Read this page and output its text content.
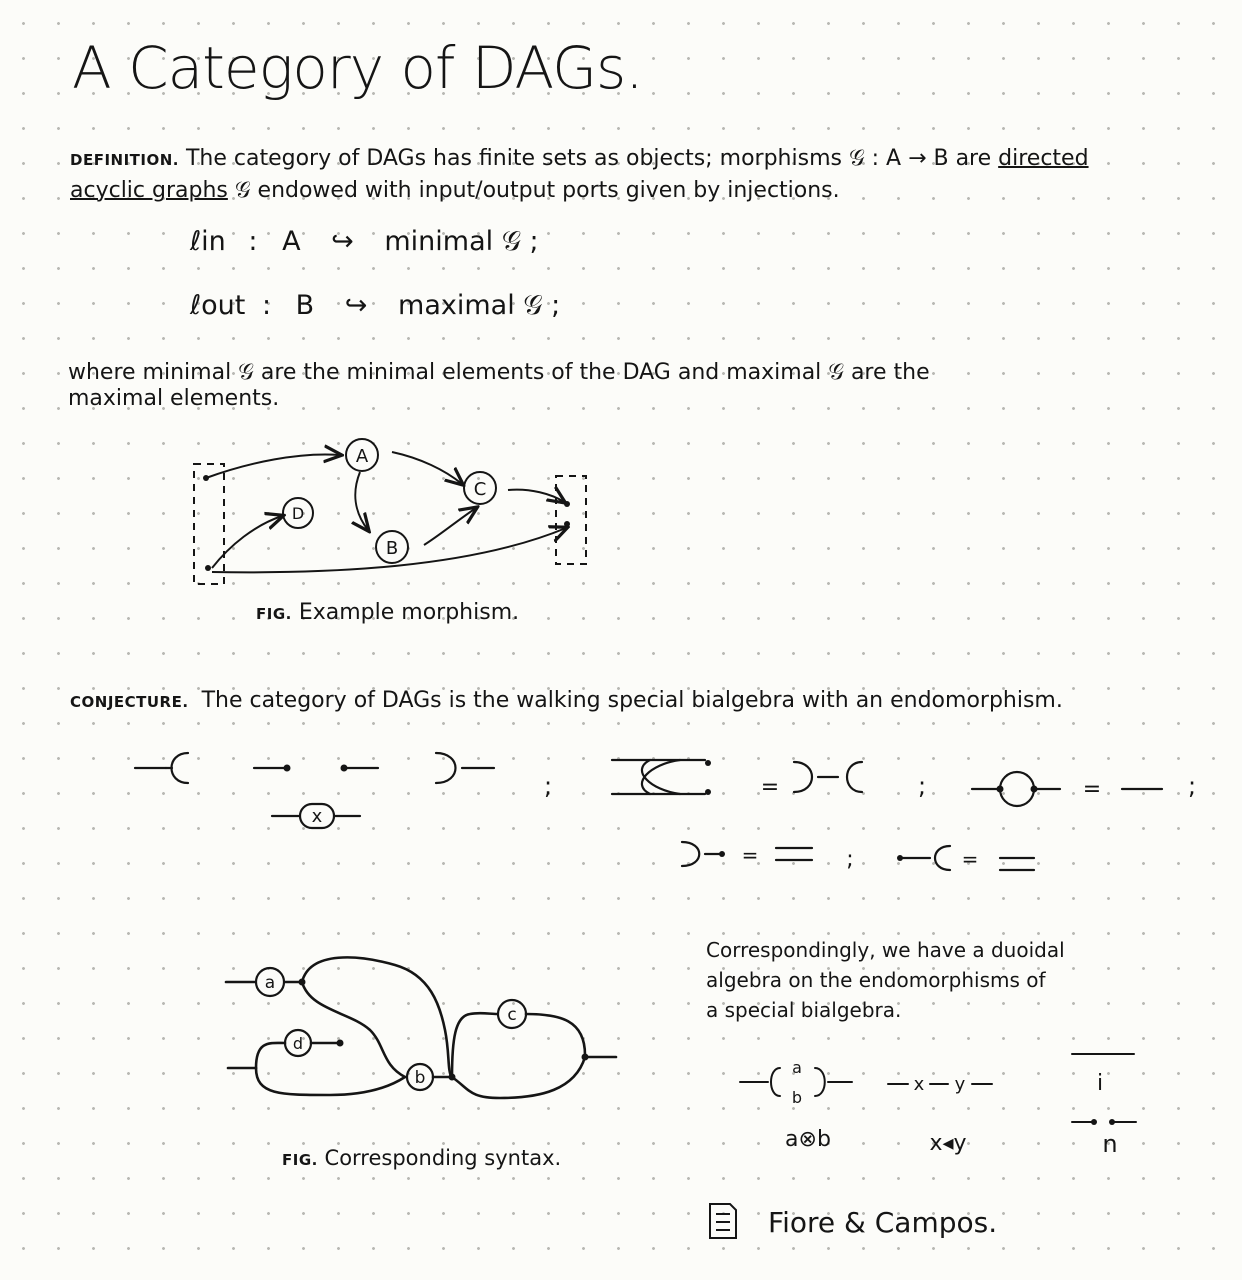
A Category of DAGs.
DEFINITION. The category of DAGs has finite sets as objects; morphisms 𝒢 : A → B are directed
acyclic graphs 𝒢 endowed with input/output ports given by injections.
ℓin : A ↪ minimal 𝒢 ;
ℓout : B ↪ maximal 𝒢 ;
where minimal 𝒢 are the minimal elements of the DAG and maximal 𝒢 are the
maximal elements.
A
B
C
D
FIG. Example morphism.
CONJECTURE. The category of DAGs is the walking special bialgebra with an endomorphism.
x
;	=	;	=	;
=	;	=
a
b
c
d
FIG. Corresponding syntax.
Correspondingly, we have a duoidal
algebra on the endomorphisms of
a special bialgebra.
a
b
x y	i
a⊗b	x◂y	n
Fiore & Campos.
